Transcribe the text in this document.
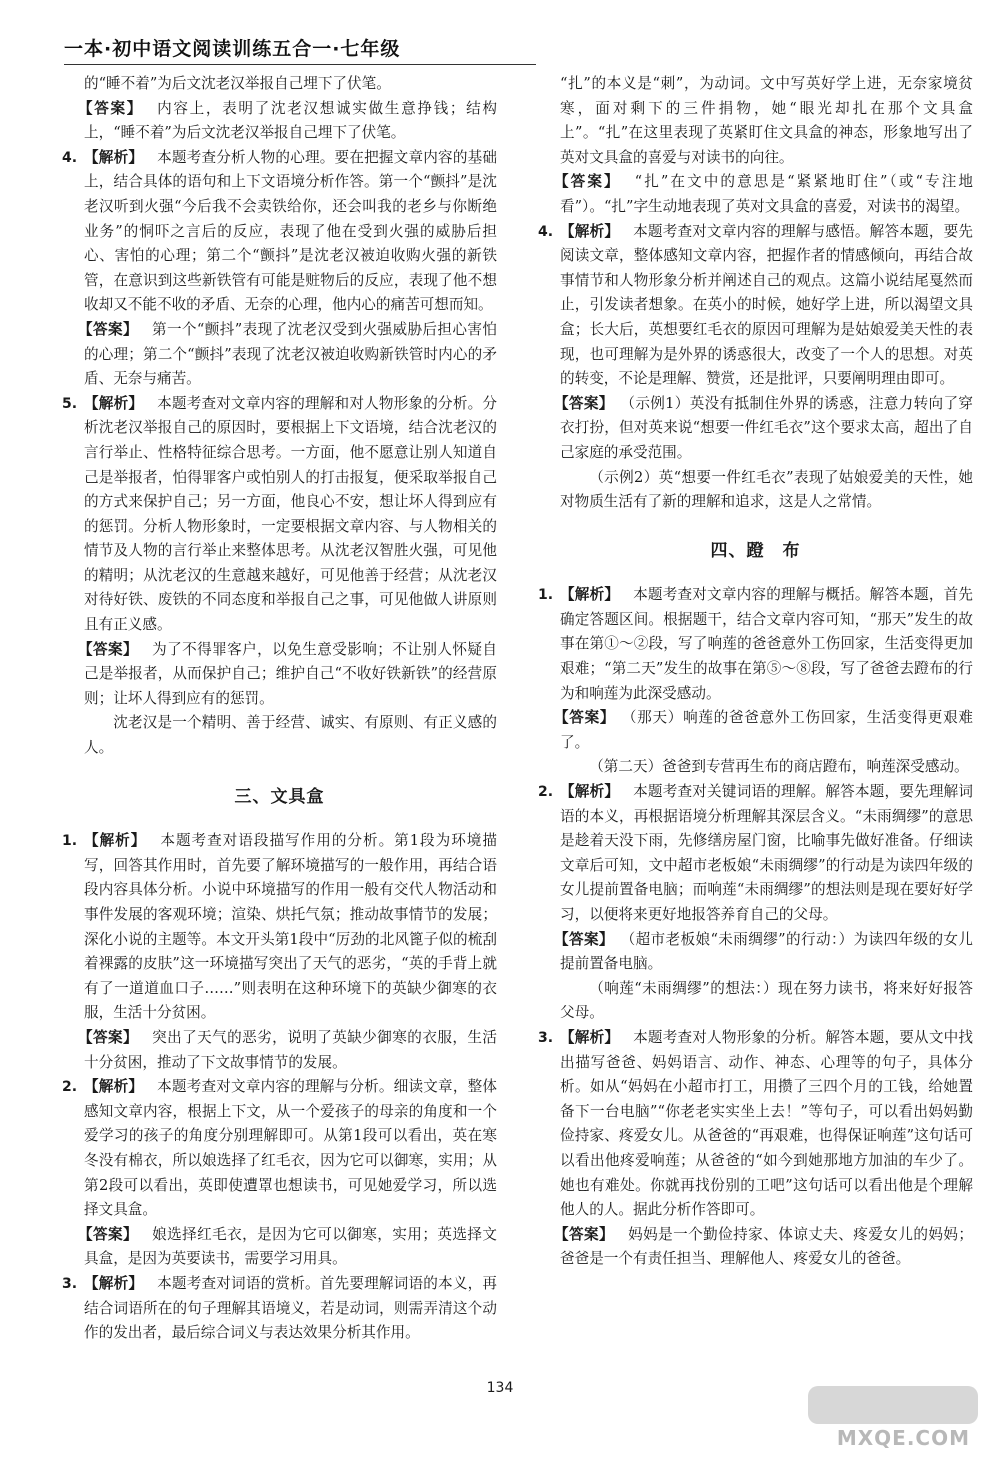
一本·初中语文阅读训练五合一·七年级

的“睡不着”为后文沈老汉举报自己埋下了伏笔。

【答案】 内容上，表明了沈老汉想诚实做生意挣钱；结构上，“睡不着”为后文沈老汉举报自己埋下了伏笔。

4. 【解析】 本题考查分析人物的心理。要在把握文章内容的基础上，结合具体的语句和上下文语境分析作答。第一个“颤抖”是沈老汉听到火强“今后我不会卖铁给你，还会叫我的老乡与你断绝业务”的恫吓之言后的反应，表现了他在受到火强的威胁后担心、害怕的心理；第二个“颤抖”是沈老汉被迫收购火强的新铁管，在意识到这些新铁管有可能是赃物后的反应，表现了他不想收却又不能不收的矛盾、无奈的心理，他内心的痛苦可想而知。

【答案】 第一个“颤抖”表现了沈老汉受到火强威胁后担心害怕的心理；第二个“颤抖”表现了沈老汉被迫收购新铁管时内心的矛盾、无奈与痛苦。

5. 【解析】 本题考查对文章内容的理解和对人物形象的分析。分析沈老汉举报自己的原因时，要根据上下文语境，结合沈老汉的言行举止、性格特征综合思考。一方面，他不愿意让别人知道自己是举报者，怕得罪客户或怕别人的打击报复，便采取举报自己的方式来保护自己；另一方面，他良心不安，想让坏人得到应有的惩罚。分析人物形象时，一定要根据文章内容、与人物相关的情节及人物的言行举止来整体思考。从沈老汉智胜火强，可见他的精明；从沈老汉的生意越来越好，可见他善于经营；从沈老汉对待好铁、废铁的不同态度和举报自己之事，可见他做人讲原则且有正义感。

【答案】 为了不得罪客户，以免生意受影响；不让别人怀疑自己是举报者，从而保护自己；维护自己“不收好铁新铁”的经营原则；让坏人得到应有的惩罚。

沈老汉是一个精明、善于经营、诚实、有原则、有正义感的人。

三、文具盒
1. 【解析】 本题考查对语段描写作用的分析。第1段为环境描写，回答其作用时，首先要了解环境描写的一般作用，再结合语段内容具体分析。小说中环境描写的作用一般有交代人物活动和事件发展的客观环境；渲染、烘托气氛；推动故事情节的发展；深化小说的主题等。本文开头第1段中“厉劲的北风篦子似的梳刮着裸露的皮肤”这一环境描写突出了天气的恶劣，“英的手背上就有了一道道血口子……”则表明在这种环境下的英缺少御寒的衣服，生活十分贫困。

【答案】 突出了天气的恶劣，说明了英缺少御寒的衣服，生活十分贫困，推动了下文故事情节的发展。

2. 【解析】 本题考查对文章内容的理解与分析。细读文章，整体感知文章内容，根据上下文，从一个爱孩子的母亲的角度和一个爱学习的孩子的角度分别理解即可。从第1段可以看出，英在寒冬没有棉衣，所以娘选择了红毛衣，因为它可以御寒，实用；从第2段可以看出，英即使遭罩也想读书，可见她爱学习，所以选择文具盒。

【答案】 娘选择红毛衣，是因为它可以御寒，实用；英选择文具盒，是因为英要读书，需要学习用具。

3. 【解析】 本题考查对词语的赏析。首先要理解词语的本义，再结合词语所在的句子理解其语境义，若是动词，则需弄清这个动作的发出者，最后综合词义与表达效果分析其作用。

“扎”的本义是“刺”，为动词。文中写英好学上进，无奈家境贫寒，面对剩下的三件捐物，她“眼光却扎在那个文具盒上”。“扎”在这里表现了英紧盯住文具盒的神态，形象地写出了英对文具盒的喜爱与对读书的向往。

【答案】 “扎”在文中的意思是“紧紧地盯住”（或“专注地看”）。“扎”字生动地表现了英对文具盒的喜爱，对读书的渴望。

4. 【解析】 本题考查对文章内容的理解与感悟。解答本题，要先阅读文章，整体感知文章内容，把握作者的情感倾向，再结合故事情节和人物形象分析并阐述自己的观点。这篇小说结尾戛然而止，引发读者想象。在英小的时候，她好学上进，所以渴望文具盒；长大后，英想要红毛衣的原因可理解为是姑娘爱美天性的表现，也可理解为是外界的诱惑很大，改变了一个人的思想。对英的转变，不论是理解、赞赏，还是批评，只要阐明理由即可。

【答案】 （示例1）英没有抵制住外界的诱惑，注意力转向了穿衣打扮，但对英来说“想要一件红毛衣”这个要求太高，超出了自己家庭的承受范围。

（示例2）英“想要一件红毛衣”表现了姑娘爱美的天性，她对物质生活有了新的理解和追求，这是人之常情。

四、蹬　布
1. 【解析】 本题考查对文章内容的理解与概括。解答本题，首先确定答题区间。根据题干，结合文章内容可知，“那天”发生的故事在第①～②段，写了响莲的爸爸意外工伤回家，生活变得更加艰难；“第二天”发生的故事在第⑤～⑧段，写了爸爸去蹬布的行为和响莲为此深受感动。

【答案】 （那天）响莲的爸爸意外工伤回家，生活变得更艰难了。

（第二天）爸爸到专营再生布的商店蹬布，响莲深受感动。

2. 【解析】 本题考查对关键词语的理解。解答本题，要先理解词语的本义，再根据语境分析理解其深层含义。“未雨绸缪”的意思是趁着天没下雨，先修缮房屋门窗，比喻事先做好准备。仔细读文章后可知，文中超市老板娘“未雨绸缪”的行动是为读四年级的女儿提前置备电脑；而响莲“未雨绸缪”的想法则是现在要好好学习，以便将来更好地报答养育自己的父母。

【答案】 （超市老板娘“未雨绸缪”的行动：）为读四年级的女儿提前置备电脑。

（响莲“未雨绸缪”的想法：）现在努力读书，将来好好报答父母。

3. 【解析】 本题考查对人物形象的分析。解答本题，要从文中找出描写爸爸、妈妈语言、动作、神态、心理等的句子，具体分析。如从“妈妈在小超市打工，用攒了三四个月的工钱，给她置备下一台电脑”“你老老实实坐上去！”等句子，可以看出妈妈勤俭持家、疼爱女儿。从爸爸的“再艰难，也得保证响莲”这句话可以看出他疼爱响莲；从爸爸的“如今到她那地方加油的车少了。她也有难处。你就再找份别的工吧”这句话可以看出他是个理解他人的人。据此分析作答即可。

【答案】 妈妈是一个勤俭持家、体谅丈夫、疼爱女儿的妈妈；爸爸是一个有责任担当、理解他人、疼爱女儿的爸爸。

134
MXQE.COM
